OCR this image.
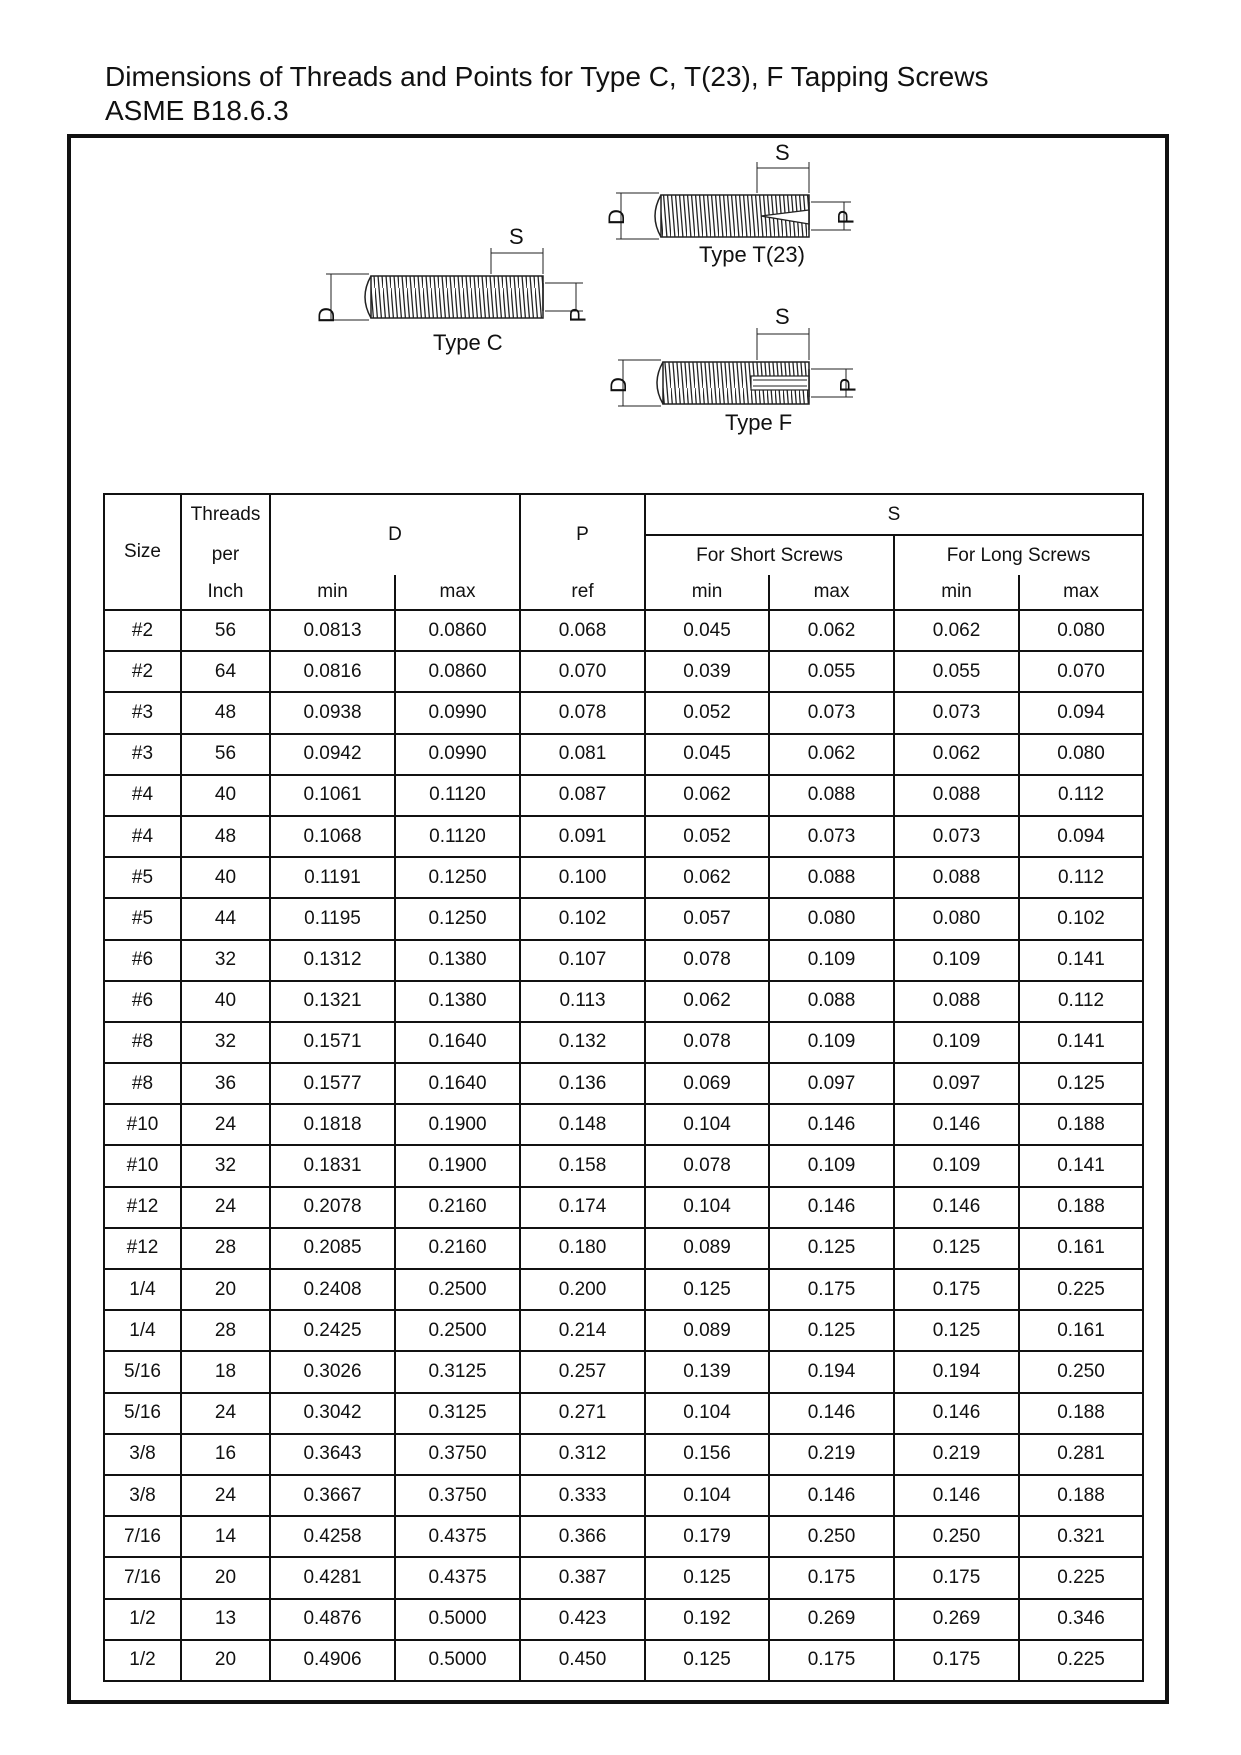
Dimensions of Threads and Points for Type C, T(23), F Tapping Screws
ASME B18.6.3
D	P
S
Type C
D	P
S
Type T(23)
D	P
S
Type F
Size	Threads	D		P	S			
	per				For Short Screws		For Long Screws	
	Inch	min	max	ref	min	max	min	max
#2	56	0.0813	0.0860	0.068	0.045	0.062	0.062	0.080
#2	64	0.0816	0.0860	0.070	0.039	0.055	0.055	0.070
#3	48	0.0938	0.0990	0.078	0.052	0.073	0.073	0.094
#3	56	0.0942	0.0990	0.081	0.045	0.062	0.062	0.080
#4	40	0.1061	0.1120	0.087	0.062	0.088	0.088	0.112
#4	48	0.1068	0.1120	0.091	0.052	0.073	0.073	0.094
#5	40	0.1191	0.1250	0.100	0.062	0.088	0.088	0.112
#5	44	0.1195	0.1250	0.102	0.057	0.080	0.080	0.102
#6	32	0.1312	0.1380	0.107	0.078	0.109	0.109	0.141
#6	40	0.1321	0.1380	0.113	0.062	0.088	0.088	0.112
#8	32	0.1571	0.1640	0.132	0.078	0.109	0.109	0.141
#8	36	0.1577	0.1640	0.136	0.069	0.097	0.097	0.125
#10	24	0.1818	0.1900	0.148	0.104	0.146	0.146	0.188
#10	32	0.1831	0.1900	0.158	0.078	0.109	0.109	0.141
#12	24	0.2078	0.2160	0.174	0.104	0.146	0.146	0.188
#12	28	0.2085	0.2160	0.180	0.089	0.125	0.125	0.161
1/4	20	0.2408	0.2500	0.200	0.125	0.175	0.175	0.225
1/4	28	0.2425	0.2500	0.214	0.089	0.125	0.125	0.161
5/16	18	0.3026	0.3125	0.257	0.139	0.194	0.194	0.250
5/16	24	0.3042	0.3125	0.271	0.104	0.146	0.146	0.188
3/8	16	0.3643	0.3750	0.312	0.156	0.219	0.219	0.281
3/8	24	0.3667	0.3750	0.333	0.104	0.146	0.146	0.188
7/16	14	0.4258	0.4375	0.366	0.179	0.250	0.250	0.321
7/16	20	0.4281	0.4375	0.387	0.125	0.175	0.175	0.225
1/2	13	0.4876	0.5000	0.423	0.192	0.269	0.269	0.346
1/2	20	0.4906	0.5000	0.450	0.125	0.175	0.175	0.225
